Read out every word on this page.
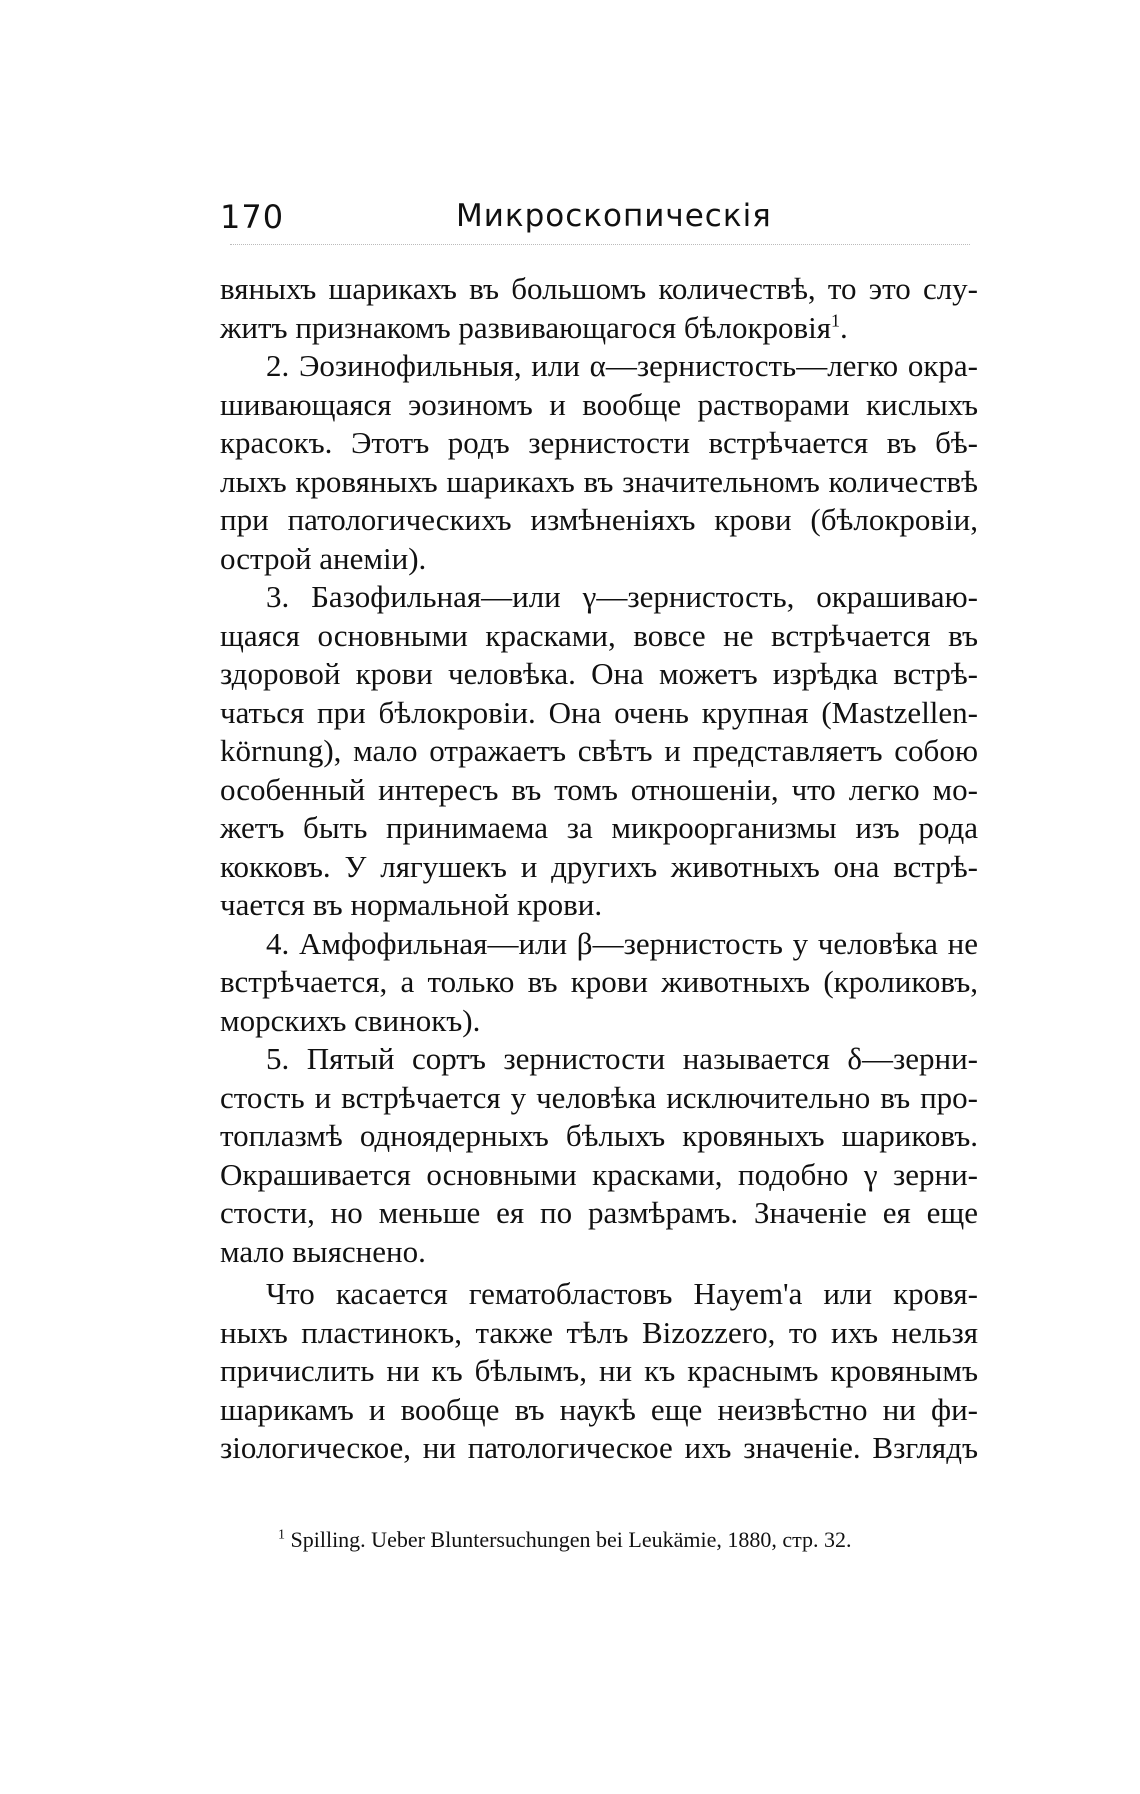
170	Микроскопическія

вяныхъ шарикахъ въ большомъ количествѣ, то это слу-
житъ признакомъ развивающагося бѣлокровія$^1$.

2. Эозинофильныя, или α—зернистость—легко окра-
шивающаяся эозиномъ и вообще растворами кислыхъ
красокъ. Этотъ родъ зернистости встрѣчается въ бѣ-
лыхъ кровяныхъ шарикахъ въ значительномъ количествѣ
при патологическихъ измѣненіяхъ крови (бѣлокровіи,
острой анеміи).

3. Базофильная—или γ—зернистость, окрашиваю-
щаяся основными красками, вовсе не встрѣчается въ
здоровой крови человѣка. Она можетъ изрѣдка встрѣ-
чаться при бѣлокровіи. Она очень крупная (Mastzellen-
körnung), мало отражаетъ свѣтъ и представляетъ собою
особенный интересъ въ томъ отношеніи, что легко мо-
жетъ быть принимаема за микроорганизмы изъ рода
кокковъ. У лягушекъ и другихъ животныхъ она встрѣ-
чается въ нормальной крови.

4. Амфофильная—или β—зернистость у человѣка не
встрѣчается, а только въ крови животныхъ (кроликовъ,
морскихъ свинокъ).

5. Пятый сортъ зернистости называется δ—зерни-
стость и встрѣчается у человѣка исключительно въ про-
топлазмѣ одноядерныхъ бѣлыхъ кровяныхъ шариковъ.
Окрашивается основными красками, подобно γ зерни-
стости, но меньше ея по размѣрамъ. Значеніе ея еще
мало выяснено.

Что касается гематобластовъ Hayem'a или кровя-
ныхъ пластинокъ, также тѣлъ Bizozzero, то ихъ нельзя
причислить ни къ бѣлымъ, ни къ краснымъ кровянымъ
шарикамъ и вообще въ наукѣ еще неизвѣстно ни фи-
зіологическое, ни патологическое ихъ значеніе. Взглядъ

$^1$ Spilling. Ueber Bluntersuchungen bei Leukämie, 1880, стр. 32.
